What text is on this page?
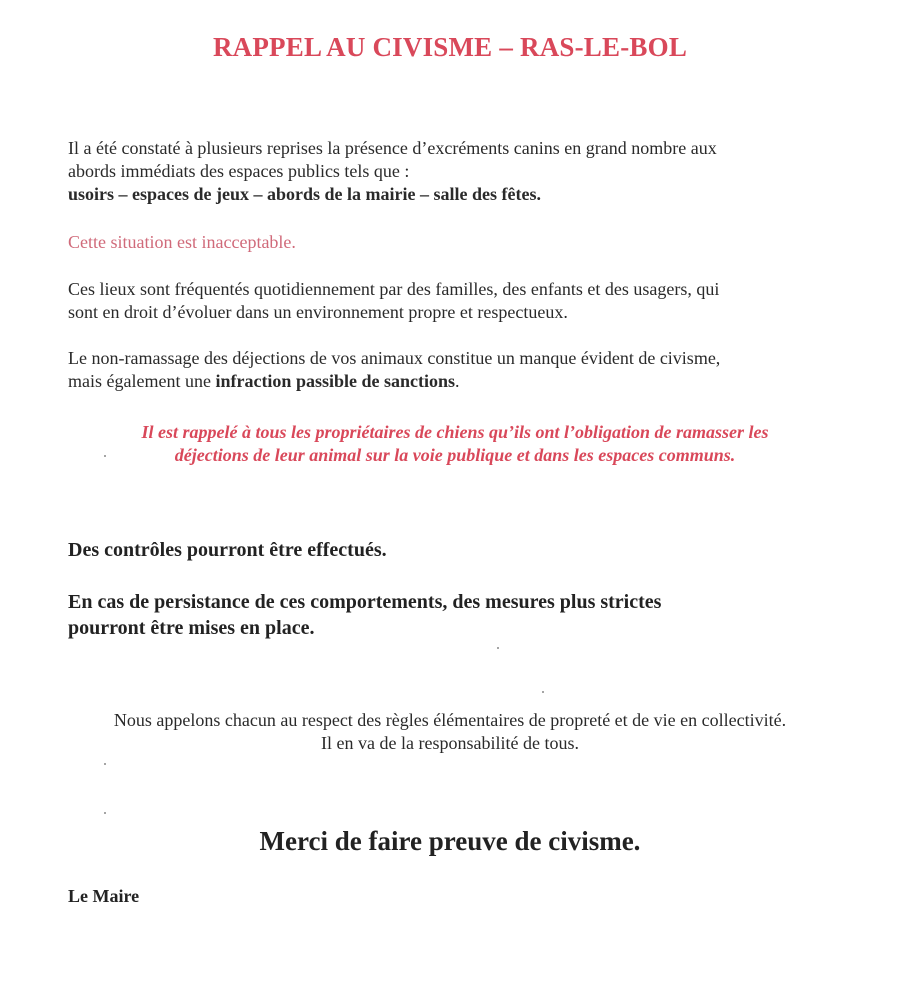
RAPPEL AU CIVISME – RAS-LE-BOL
Il a été constaté à plusieurs reprises la présence d’excréments canins en grand nombre aux
abords immédiats des espaces publics tels que :
usoirs – espaces de jeux – abords de la mairie – salle des fêtes.
Cette situation est inacceptable.
Ces lieux sont fréquentés quotidiennement par des familles, des enfants et des usagers, qui
sont en droit d’évoluer dans un environnement propre et respectueux.
Le non-ramassage des déjections de vos animaux constitue un manque évident de civisme,
mais également une infraction passible de sanctions.
Il est rappelé à tous les propriétaires de chiens qu’ils ont l’obligation de ramasser les
déjections de leur animal sur la voie publique et dans les espaces communs.
Des contrôles pourront être effectués.
En cas de persistance de ces comportements, des mesures plus strictes
pourront être mises en place.
Nous appelons chacun au respect des règles élémentaires de propreté et de vie en collectivité.
Il en va de la responsabilité de tous.
Merci de faire preuve de civisme.
Le Maire
